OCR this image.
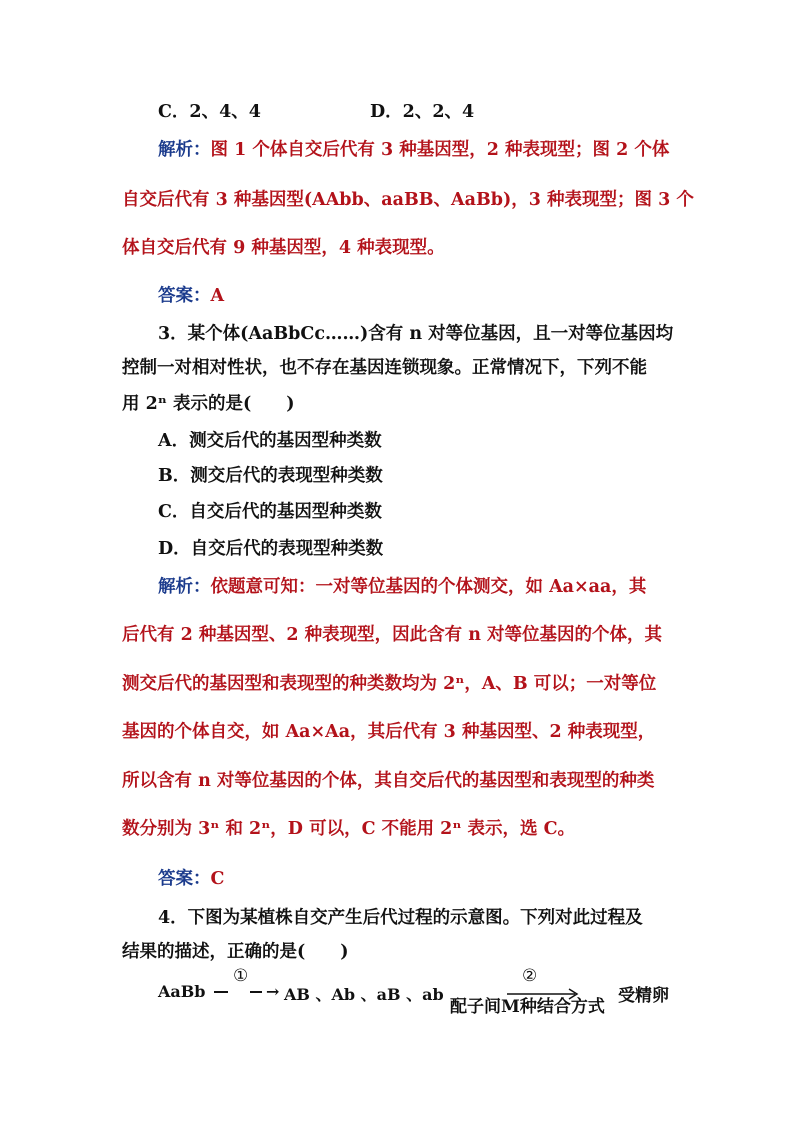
C．2、4、4	D．2、2、4
解析：图 1 个体自交后代有 3 种基因型，2 种表现型；图 2 个体
自交后代有 3 种基因型(AAbb、aaBB、AaBb)，3 种表现型；图 3 个
体自交后代有 9 种基因型，4 种表现型。
答案：A
3．某个体(AaBbCc……)含有 n 对等位基因，且一对等位基因均
控制一对相对性状，也不存在基因连锁现象。正常情况下，下列不能
用 2ⁿ 表示的是(　　)
A．测交后代的基因型种类数
B．测交后代的表现型种类数
C．自交后代的基因型种类数
D．自交后代的表现型种类数
解析：依题意可知：一对等位基因的个体测交，如 Aa×aa，其
后代有 2 种基因型、2 种表现型，因此含有 n 对等位基因的个体，其
测交后代的基因型和表现型的种类数均为 2ⁿ，A、B 可以；一对等位
基因的个体自交，如 Aa×Aa，其后代有 3 种基因型、2 种表现型，
所以含有 n 对等位基因的个体，其自交后代的基因型和表现型的种类
数分别为 3ⁿ 和 2ⁿ，D 可以，C 不能用 2ⁿ 表示，选 C。
答案：C
4．下图为某植株自交产生后代过程的示意图。下列对此过程及
结果的描述，正确的是(　　)
AaBb
①
→ AB 、Ab 、aB 、ab
②
配子间M种结合方式
受精卵
